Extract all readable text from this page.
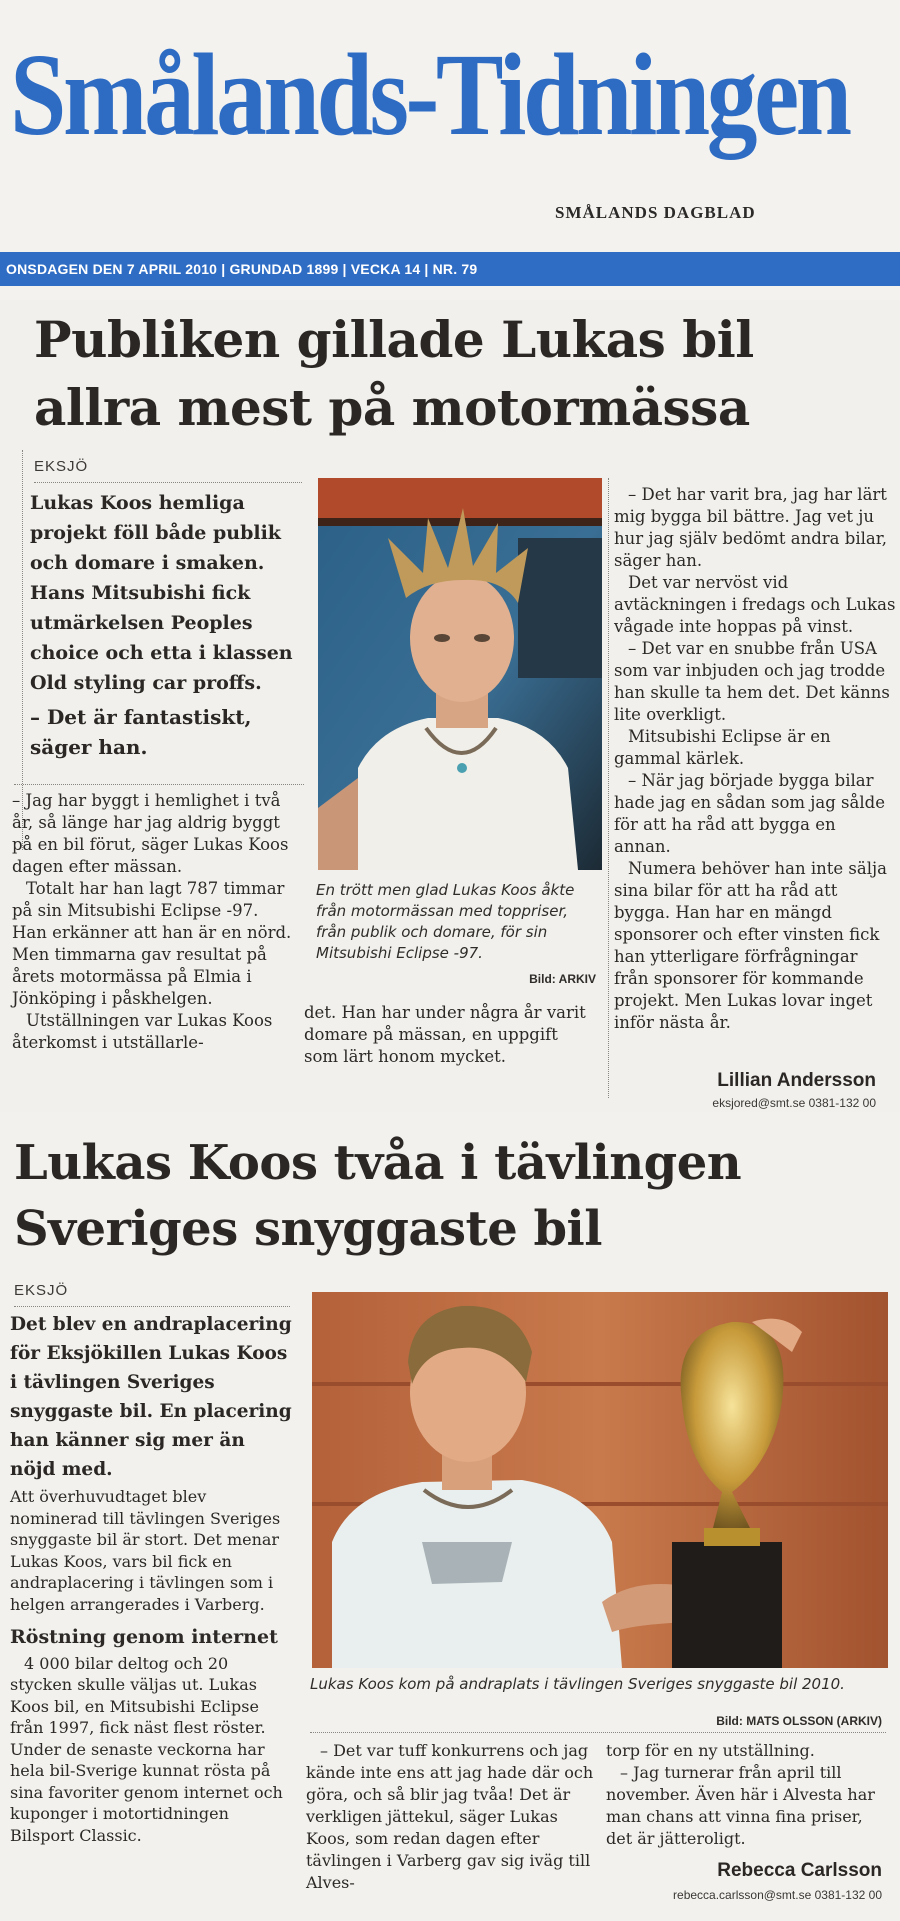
Smålands-Tidningen
SMÅLANDS DAGBLAD
ONSDAGEN DEN 7 APRIL 2010 | GRUNDAD 1899 | VECKA 14 | NR. 79
Publiken gillade Lukas bil allra mest på motormässa
EKSJÖ
Lukas Koos hemliga projekt föll både publik och domare i smaken. Hans Mitsubishi fick utmärkelsen Peoples choice och etta i klassen Old styling car proffs.
– Det är fantastiskt, säger han.

– Jag har byggt i hemlighet i två år, så länge har jag aldrig byggt på en bil förut, säger Lukas Koos dagen efter mässan.

Totalt har han lagt 787 timmar på sin Mitsubishi Eclipse -97. Han erkänner att han är en nörd. Men timmarna gav resultat på årets motormässa på Elmia i Jönköping i påskhelgen.

Utställningen var Lukas Koos återkomst i utställarle-

En trött men glad Lukas Koos åkte från motormässan med toppriser, från publik och domare, för sin Mitsubishi Eclipse -97.
Bild: ARKIV

det. Han har under några år varit domare på mässan, en uppgift som lärt honom mycket.

– Det har varit bra, jag har lärt mig bygga bil bättre. Jag vet ju hur jag själv bedömt andra bilar, säger han.

Det var nervöst vid avtäckningen i fredags och Lukas vågade inte hoppas på vinst.

– Det var en snubbe från USA som var inbjuden och jag trodde han skulle ta hem det. Det känns lite overkligt.

Mitsubishi Eclipse är en gammal kärlek.

– När jag började bygga bilar hade jag en sådan som jag sålde för att ha råd att bygga en annan.

Numera behöver han inte sälja sina bilar för att ha råd att bygga. Han har en mängd sponsorer och efter vinsten fick han ytterligare förfrågningar från sponsorer för kommande projekt. Men Lukas lovar inget inför nästa år.

Lillian Andersson
eksjored@smt.se 0381-132 00
Lukas Koos tvåa i tävlingen Sveriges snyggaste bil
EKSJÖ
Det blev en andraplacering för Eksjökillen Lukas Koos i tävlingen Sveriges snyggaste bil. En placering han känner sig mer än nöjd med.

Att överhuvudtaget blev nominerad till tävlingen Sveriges snyggaste bil är stort. Det menar Lukas Koos, vars bil fick en andraplacering i tävlingen som i helgen arrangerades i Varberg.

Röstning genom internet

4 000 bilar deltog och 20 stycken skulle väljas ut. Lukas Koos bil, en Mitsubishi Eclipse från 1997, fick näst flest röster. Under de senaste veckorna har hela bil-Sverige kunnat rösta på sina favoriter genom internet och kuponger i motortidningen Bilsport Classic.

Lukas Koos kom på andraplats i tävlingen Sveriges snyggaste bil 2010.
Bild: MATS OLSSON (ARKIV)

– Det var tuff konkurrens och jag kände inte ens att jag hade där och göra, och så blir jag tvåa! Det är verkligen jättekul, säger Lukas Koos, som redan dagen efter tävlingen i Varberg gav sig iväg till Alves-

torp för en ny utställning.

– Jag turnerar från april till november. Även här i Alvesta har man chans att vinna fina priser, det är jätteroligt.

Rebecca Carlsson
rebecca.carlsson@smt.se 0381-132 00
